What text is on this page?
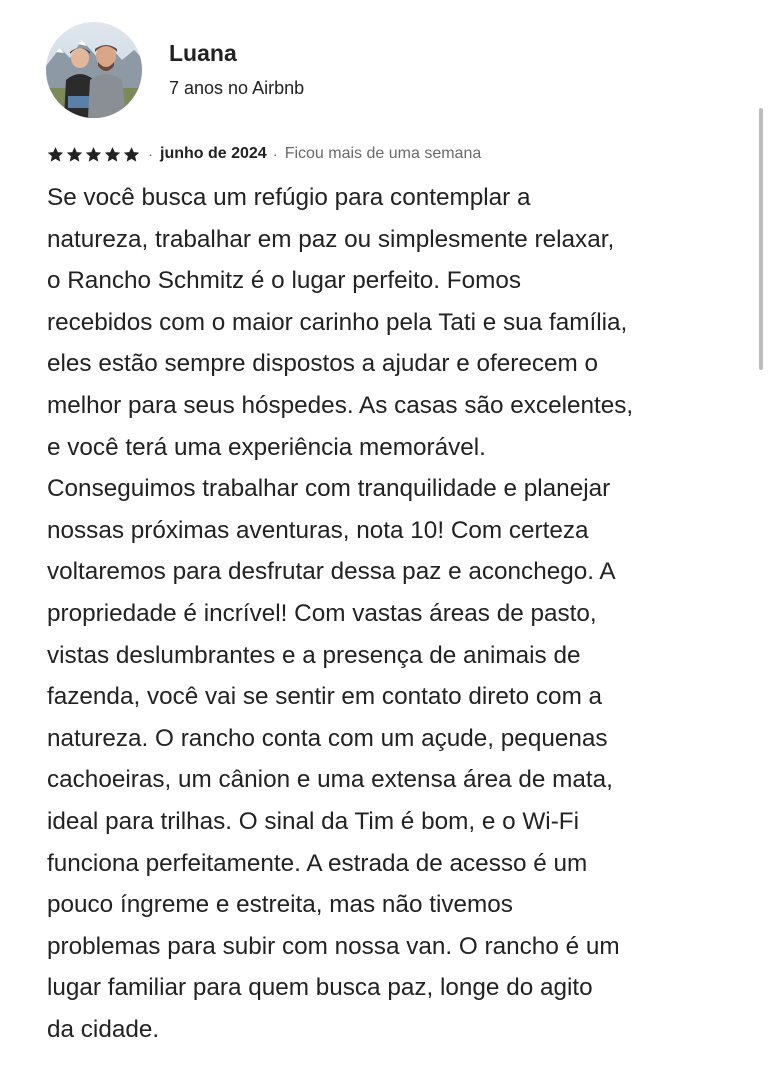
Luana
7 anos no Airbnb
· junho de 2024 · Ficou mais de uma semana
Se você busca um refúgio para contemplar a
natureza, trabalhar em paz ou simplesmente relaxar,
o Rancho Schmitz é o lugar perfeito. Fomos
recebidos com o maior carinho pela Tati e sua família,
eles estão sempre dispostos a ajudar e oferecem o
melhor para seus hóspedes. As casas são excelentes,
e você terá uma experiência memorável.
Conseguimos trabalhar com tranquilidade e planejar
nossas próximas aventuras, nota 10! Com certeza
voltaremos para desfrutar dessa paz e aconchego. A
propriedade é incrível! Com vastas áreas de pasto,
vistas deslumbrantes e a presença de animais de
fazenda, você vai se sentir em contato direto com a
natureza. O rancho conta com um açude, pequenas
cachoeiras, um cânion e uma extensa área de mata,
ideal para trilhas. O sinal da Tim é bom, e o Wi-Fi
funciona perfeitamente. A estrada de acesso é um
pouco íngreme e estreita, mas não tivemos
problemas para subir com nossa van. O rancho é um
lugar familiar para quem busca paz, longe do agito
da cidade.
